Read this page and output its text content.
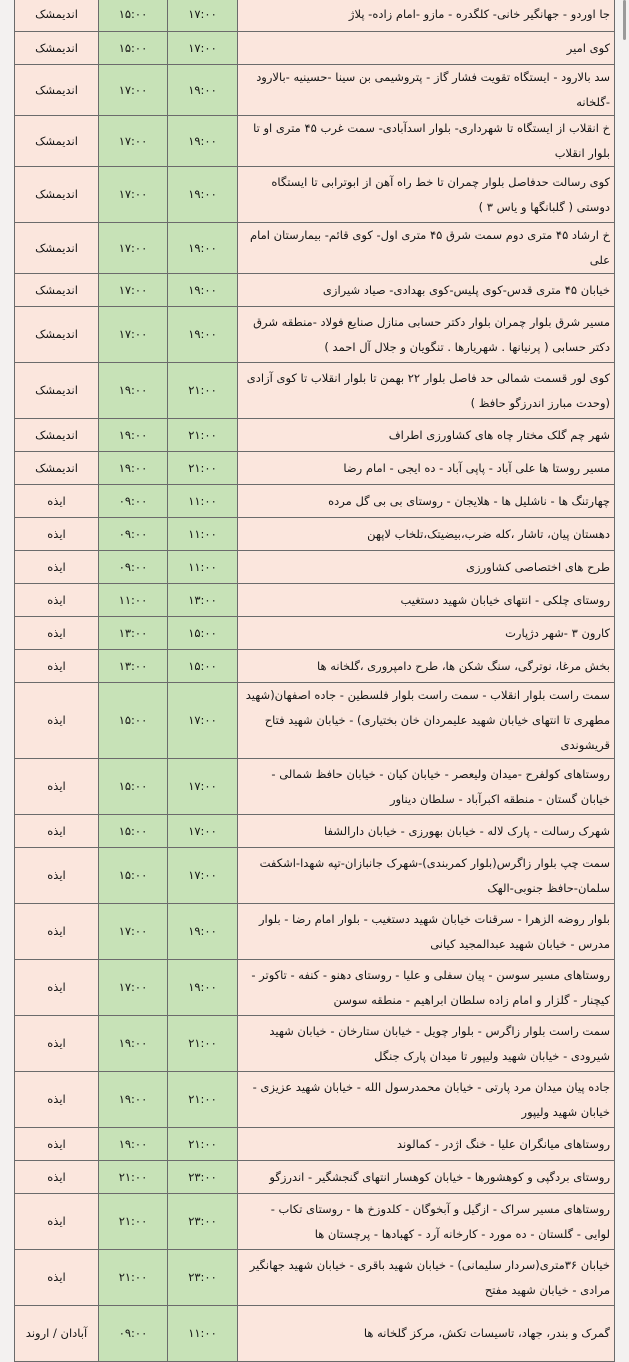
اندیمشک	۱۵:۰۰	۱۷:۰۰	جا اوردو - جهانگیر خانی- کلگدره - مازو -امام زاده- پلاژ
اندیمشک	۱۵:۰۰	۱۷:۰۰	کوی امیر
اندیمشک	۱۷:۰۰	۱۹:۰۰	سد بالارود - ایستگاه تقویت فشار گاز - پتروشیمی بن سینا -حسینیه -بالارود -گلخانه
اندیمشک	۱۷:۰۰	۱۹:۰۰	خ انقلاب از ایستگاه تا شهرداری- بلوار اسدآبادی- سمت غرب ۴۵ متری او تا بلوار انقلاب
اندیمشک	۱۷:۰۰	۱۹:۰۰	کوی رسالت حدفاصل بلوار چمران تا خط راه آهن از ابوترابی تا ایستگاه دوستی ( گلبانگها و یاس ۳ )
اندیمشک	۱۷:۰۰	۱۹:۰۰	خ ارشاد ۴۵ متری دوم سمت شرق ۴۵ متری اول- کوی قائم- بیمارستان امام علی
اندیمشک	۱۷:۰۰	۱۹:۰۰	خیابان ۴۵ متری قدس-کوی پلیس-کوی بهدادی- صیاد شیرازی
اندیمشک	۱۷:۰۰	۱۹:۰۰	مسیر شرق بلوار چمران بلوار دکتر حسابی منازل صنایع فولاد -منطقه شرق دکتر حسابی ( پرنیانها . شهریارها . تنگویان و جلال آل احمد )
اندیمشک	۱۹:۰۰	۲۱:۰۰	کوی لور قسمت شمالی حد فاصل بلوار ۲۲ بهمن تا بلوار انقلاب تا کوی آزادی (وحدت مبارز اندرزگو حافظ )
اندیمشک	۱۹:۰۰	۲۱:۰۰	شهر چم گلک مختار چاه های کشاورزی اطراف
اندیمشک	۱۹:۰۰	۲۱:۰۰	مسیر روستا ها علی آباد - پاپی آباد - ده ایجی - امام رضا
ایذه	۰۹:۰۰	۱۱:۰۰	چهارتنگ ها - ناشلیل ها - هلایجان - روستای بی بی گل مرده
ایذه	۰۹:۰۰	۱۱:۰۰	دهستان پیان، تاشار ،کله ضرب،بیضیتک،تلخاب لاپهن
ایذه	۰۹:۰۰	۱۱:۰۰	طرح های اختصاصی کشاورزی
ایذه	۱۱:۰۰	۱۳:۰۰	روستای چلکی - انتهای خیابان شهید دستغیب
ایذه	۱۳:۰۰	۱۵:۰۰	کارون ۳ -شهر دژپارت
ایذه	۱۳:۰۰	۱۵:۰۰	بخش مرغا، نوترگی، سنگ شکن ها، طرح دامپروری ،گلخانه ها
ایذه	۱۵:۰۰	۱۷:۰۰	سمت راست بلوار انقلاب - سمت راست بلوار فلسطین - جاده اصفهان(شهید مطهری تا انتهای خیابان شهید علیمردان خان بختیاری) - خیابان شهید فتاح قریشوندی
ایذه	۱۵:۰۰	۱۷:۰۰	روستاهای کولفرح -میدان ولیعصر - خیابان کیان - خیابان حافظ شمالی - خیابان گستان - منطقه اکبرآباد - سلطان دیناور
ایذه	۱۵:۰۰	۱۷:۰۰	شهرک رسالت - پارک لاله - خیابان بهورزی - خیابان دارالشفا
ایذه	۱۵:۰۰	۱۷:۰۰	سمت چپ بلوار زاگرس(بلوار کمربندی)-شهرک جانبازان-تپه شهدا-اشکفت سلمان-حافظ جنوبی-الهک
ایذه	۱۷:۰۰	۱۹:۰۰	بلوار روضه الزهرا - سرقنات خیابان شهید دستغیب - بلوار امام رضا - بلوار مدرس - خیابان شهید عبدالمجید کیانی
ایذه	۱۷:۰۰	۱۹:۰۰	روستاهای مسیر سوسن - پیان سفلی و علیا - روستای دهنو - کنفه - تاکوتر - کیچنار - گلزار و امام زاده سلطان ابراهیم - منطقه سوسن
ایذه	۱۹:۰۰	۲۱:۰۰	سمت راست بلوار زاگرس - بلوار چویل - خیابان ستارخان - خیابان شهید شیرودی - خیابان شهید ولیپور تا میدان پارک جنگل
ایذه	۱۹:۰۰	۲۱:۰۰	جاده پیان میدان مرد پارتی - خیابان محمدرسول الله - خیابان شهید عزیزی - خیابان شهید ولیپور
ایذه	۱۹:۰۰	۲۱:۰۰	روستاهای میانگران علیا - خنگ اژدر - کمالوند
ایذه	۲۱:۰۰	۲۳:۰۰	روستای بردگپی و کوهشورها - خیابان کوهسار انتهای گنجشگیر - اندرزگو
ایذه	۲۱:۰۰	۲۳:۰۰	روستاهای مسیر سراک - ازگیل و آبخوگان - کلدوزخ ها - روستای تکاب - لوایی - گلستان - ده مورد - کارخانه آرد - کهبادها - پرچستان ها
ایذه	۲۱:۰۰	۲۳:۰۰	خیابان ۳۶متری(سردار سلیمانی) - خیابان شهید باقری - خیابان شهید جهانگیر مرادی - خیابان شهید مفتح
آبادان / اروند	۰۹:۰۰	۱۱:۰۰	گمرک و بندر، جهاد، تاسیسات تکش، مرکز گلخانه ها
